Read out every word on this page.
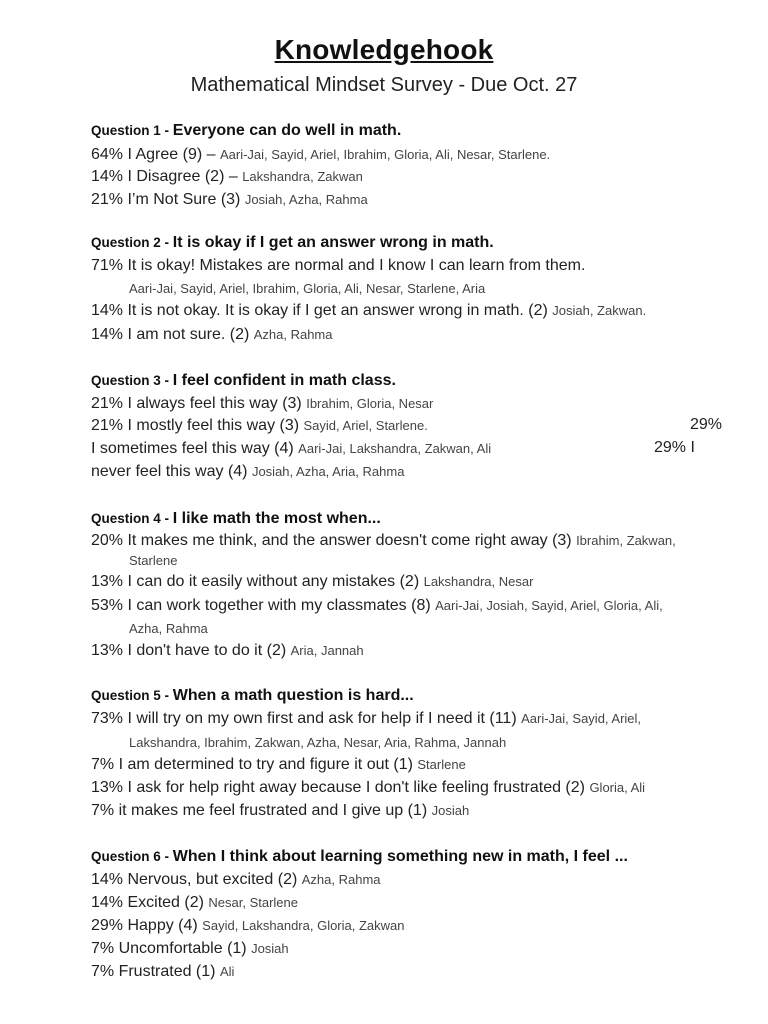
Knowledgehook
Mathematical Mindset Survey - Due Oct. 27
Question 1 - Everyone can do well in math.
64% I Agree (9) – Aari-Jai, Sayid, Ariel, Ibrahim, Gloria, Ali, Nesar, Starlene.
14% I Disagree (2) – Lakshandra, Zakwan
21% I’m Not Sure (3) Josiah, Azha, Rahma
Question 2 - It is okay if I get an answer wrong in math.
71% It is okay! Mistakes are normal and I know I can learn from them.
Aari-Jai, Sayid, Ariel, Ibrahim, Gloria, Ali, Nesar, Starlene, Aria
14% It is not okay. It is okay if I get an answer wrong in math. (2) Josiah, Zakwan.
14% I am not sure. (2) Azha, Rahma
Question 3 - I feel confident in math class.
21% I always feel this way (3) Ibrahim, Gloria, Nesar
21% I mostly feel this way (3) Sayid, Ariel, Starlene.	29%
I sometimes feel this way (4) Aari-Jai, Lakshandra, Zakwan, Ali	29% I
never feel this way (4) Josiah, Azha, Aria, Rahma
Question 4 - I like math the most when...
20% It makes me think, and the answer doesn't come right away (3) Ibrahim, Zakwan,
Starlene
13% I can do it easily without any mistakes (2) Lakshandra, Nesar
53% I can work together with my classmates (8) Aari-Jai, Josiah, Sayid, Ariel, Gloria, Ali,
Azha, Rahma
13% I don't have to do it (2) Aria, Jannah
Question 5 - When a math question is hard...
73% I will try on my own first and ask for help if I need it (11) Aari-Jai, Sayid, Ariel,
Lakshandra, Ibrahim, Zakwan, Azha, Nesar, Aria, Rahma, Jannah
7% I am determined to try and figure it out (1) Starlene
13% I ask for help right away because I don't like feeling frustrated (2) Gloria, Ali
7% it makes me feel frustrated and I give up (1) Josiah
Question 6 - When I think about learning something new in math, I feel ...
14% Nervous, but excited (2) Azha, Rahma
14% Excited (2) Nesar, Starlene
29% Happy (4) Sayid, Lakshandra, Gloria, Zakwan
7% Uncomfortable (1) Josiah
7% Frustrated (1) Ali
